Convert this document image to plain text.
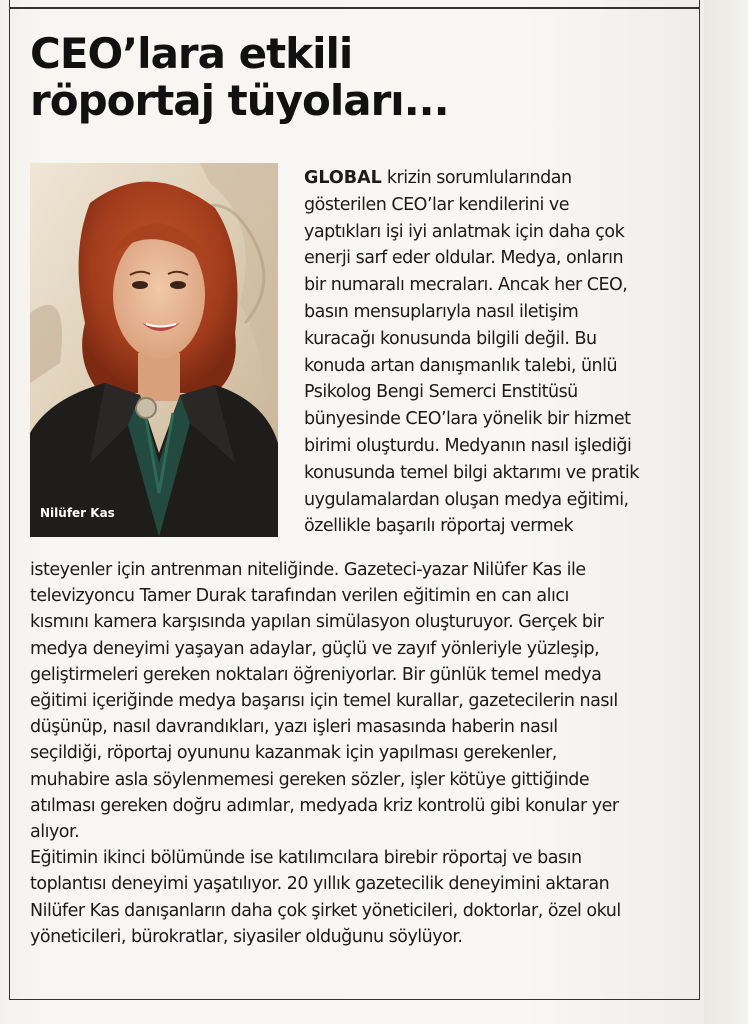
CEO’lara etkili
röportaj tüyoları...
Nilüfer Kas
GLOBAL krizin sorumlularından
gösterilen CEO’lar kendilerini ve
yaptıkları işi iyi anlatmak için daha çok
enerji sarf eder oldular. Medya, onların
bir numaralı mecraları. Ancak her CEO,
basın mensuplarıyla nasıl iletişim
kuracağı konusunda bilgili değil. Bu
konuda artan danışmanlık talebi, ünlü
Psikolog Bengi Semerci Enstitüsü
bünyesinde CEO’lara yönelik bir hizmet
birimi oluşturdu. Medyanın nasıl işlediği
konusunda temel bilgi aktarımı ve pratik
uygulamalardan oluşan medya eğitimi,
özellikle başarılı röportaj vermek
isteyenler için antrenman niteliğinde. Gazeteci-yazar Nilüfer Kas ile
televizyoncu Tamer Durak tarafından verilen eğitimin en can alıcı
kısmını kamera karşısında yapılan simülasyon oluşturuyor. Gerçek bir
medya deneyimi yaşayan adaylar, güçlü ve zayıf yönleriyle yüzleşip,
geliştirmeleri gereken noktaları öğreniyorlar. Bir günlük temel medya
eğitimi içeriğinde medya başarısı için temel kurallar, gazetecilerin nasıl
düşünüp, nasıl davrandıkları, yazı işleri masasında haberin nasıl
seçildiği, röportaj oyununu kazanmak için yapılması gerekenler,
muhabire asla söylenmemesi gereken sözler, işler kötüye gittiğinde
atılması gereken doğru adımlar, medyada kriz kontrolü gibi konular yer
alıyor.
Eğitimin ikinci bölümünde ise katılımcılara birebir röportaj ve basın
toplantısı deneyimi yaşatılıyor. 20 yıllık gazetecilik deneyimini aktaran
Nilüfer Kas danışanların daha çok şirket yöneticileri, doktorlar, özel okul
yöneticileri, bürokratlar, siyasiler olduğunu söylüyor.
